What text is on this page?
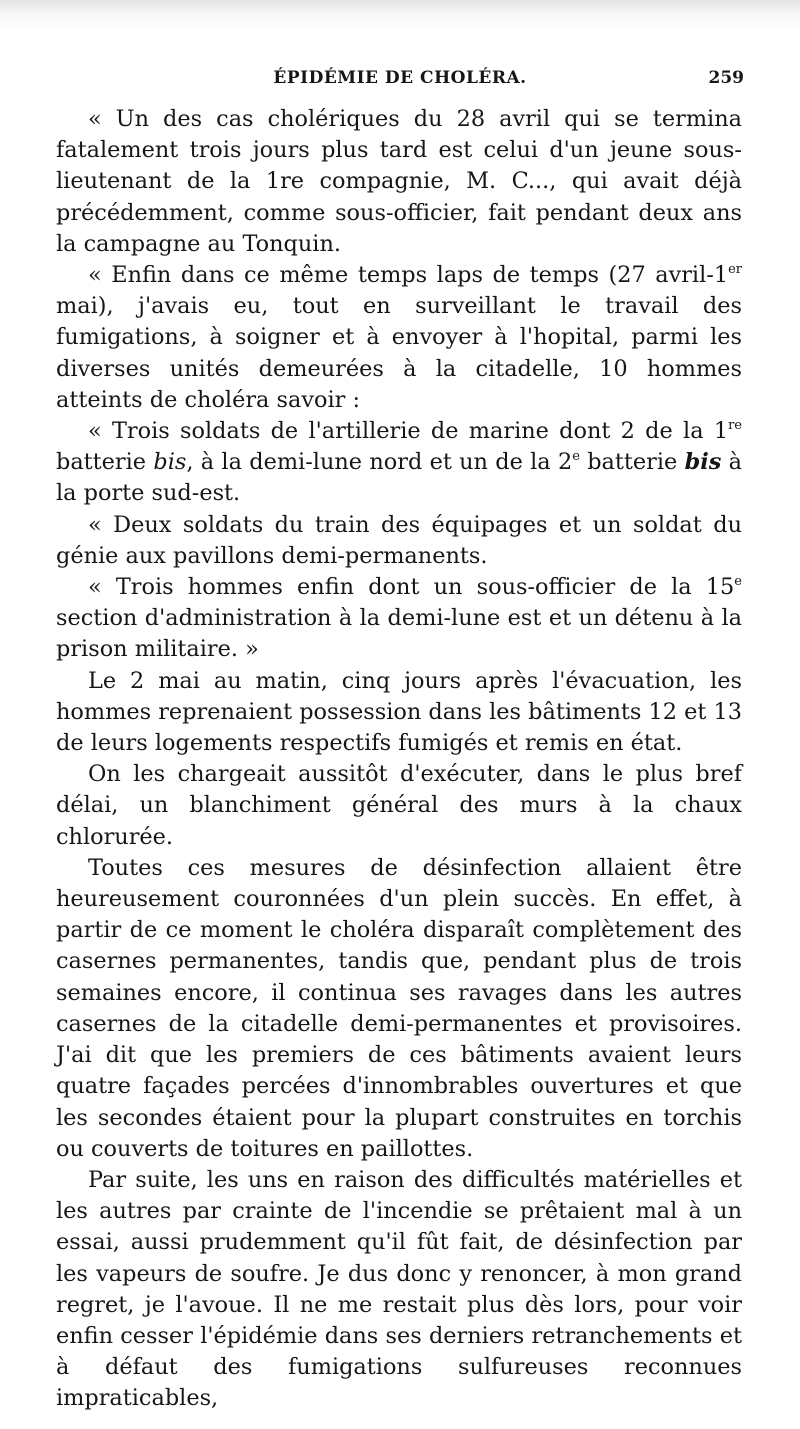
ÉPIDÉMIE DE CHOLÉRA.	259

« Un des cas cholériques du 28 avril qui se termina fatalement trois jours plus tard est celui d'un jeune sous-lieutenant de la 1re compagnie, M. C..., qui avait déjà précédemment, comme sous-officier, fait pendant deux ans la campagne au Tonquin.

« Enfin dans ce même temps laps de temps (27 avril-1er mai), j'avais eu, tout en surveillant le travail des fumigations, à soigner et à envoyer à l'hopital, parmi les diverses unités demeurées à la citadelle, 10 hommes atteints de choléra savoir :

« Trois soldats de l'artillerie de marine dont 2 de la 1re batterie bis, à la demi-lune nord et un de la 2e batterie bis à la porte sud-est.

« Deux soldats du train des équipages et un soldat du génie aux pavillons demi-permanents.

« Trois hommes enfin dont un sous-officier de la 15e section d'administration à la demi-lune est et un détenu à la prison militaire. »

Le 2 mai au matin, cinq jours après l'évacuation, les hommes reprenaient possession dans les bâtiments 12 et 13 de leurs logements respectifs fumigés et remis en état.

On les chargeait aussitôt d'exécuter, dans le plus bref délai, un blanchiment général des murs à la chaux chlorurée.

Toutes ces mesures de désinfection allaient être heureusement couronnées d'un plein succès. En effet, à partir de ce moment le choléra disparaît complètement des casernes permanentes, tandis que, pendant plus de trois semaines encore, il continua ses ravages dans les autres casernes de la citadelle demi-permanentes et provisoires. J'ai dit que les premiers de ces bâtiments avaient leurs quatre façades percées d'innombrables ouvertures et que les secondes étaient pour la plupart construites en torchis ou couverts de toitures en paillottes.

Par suite, les uns en raison des difficultés matérielles et les autres par crainte de l'incendie se prêtaient mal à un essai, aussi prudemment qu'il fût fait, de désinfection par les vapeurs de soufre. Je dus donc y renoncer, à mon grand regret, je l'avoue. Il ne me restait plus dès lors, pour voir enfin cesser l'épidémie dans ses derniers retranchements et à défaut des fumigations sulfureuses reconnues impraticables,
